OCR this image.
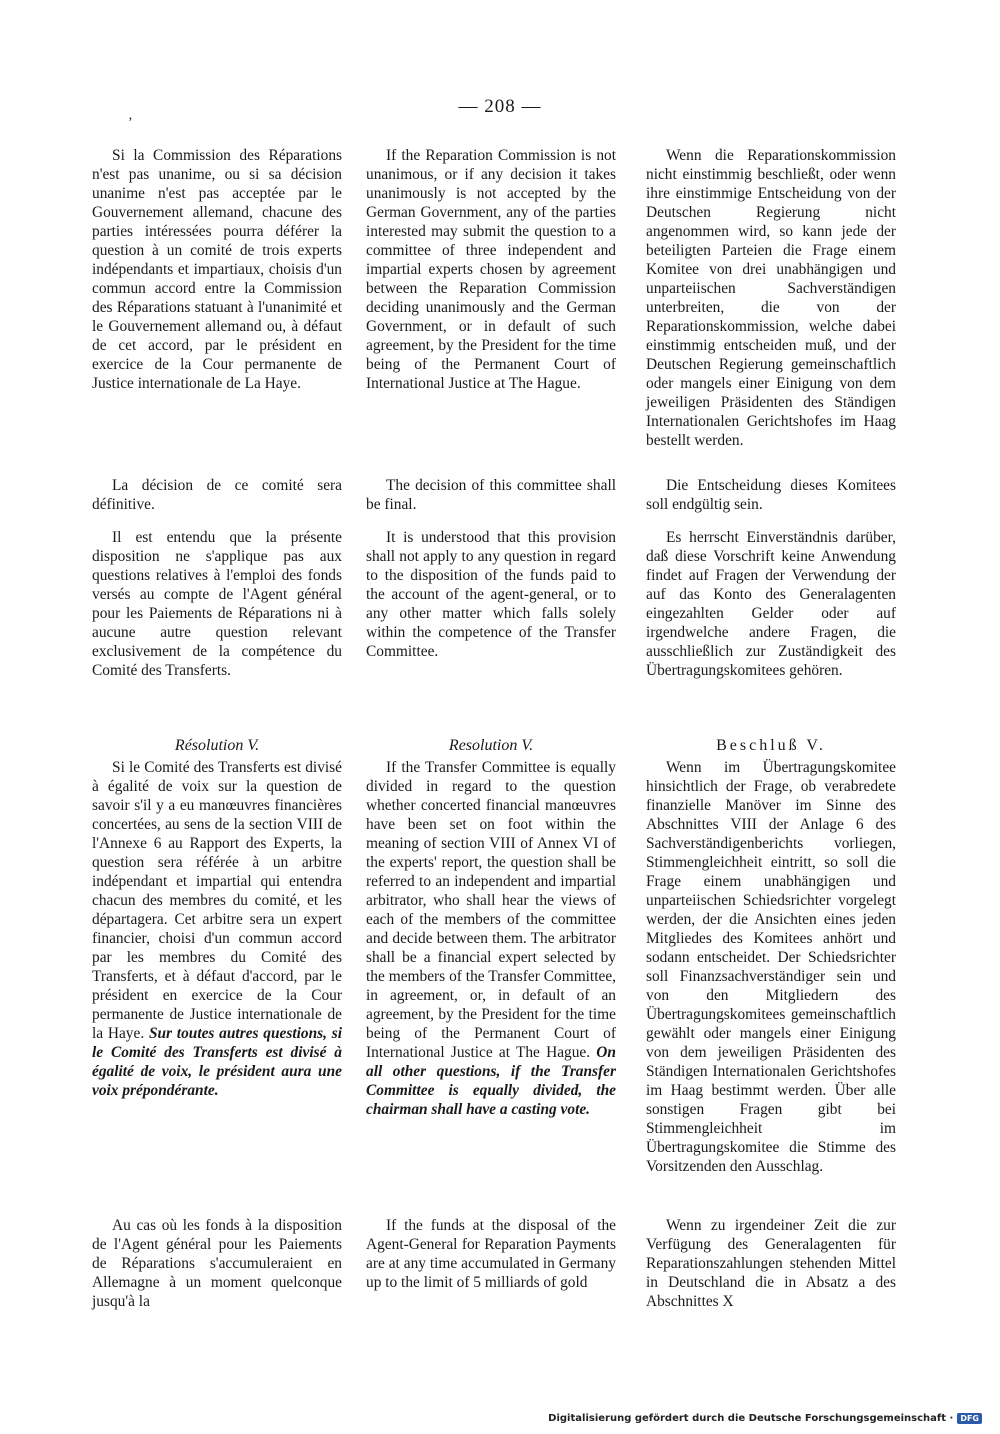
‚	— 208 —

Si la Commission des Réparations n'est pas unanime, ou si sa décision unanime n'est pas acceptée par le Gouvernement allemand, chacune des parties intéressées pourra déférer la question à un comité de trois experts indépendants et impartiaux, choisis d'un commun accord entre la Commission des Réparations statuant à l'unanimité et le Gouvernement allemand ou, à défaut de cet accord, par le président en exercice de la Cour permanente de Justice internationale de La Haye.

La décision de ce comité sera définitive.

Il est entendu que la présente disposition ne s'applique pas aux questions relatives à l'emploi des fonds versés au compte de l'Agent général pour les Paiements de Réparations ni à aucune autre question relevant exclusivement de la compétence du Comité des Transferts.

Résolution V.

Si le Comité des Transferts est divisé à égalité de voix sur la question de savoir s'il y a eu manœuvres financières concertées, au sens de la section VIII de l'Annexe 6 au Rapport des Experts, la question sera référée à un arbitre indépendant et impartial qui entendra chacun des membres du comité, et les départagera. Cet arbitre sera un expert financier, choisi d'un commun accord par les membres du Comité des Transferts, et à défaut d'accord, par le président en exercice de la Cour permanente de Justice internationale de la Haye. Sur toutes autres questions, si le Comité des Transferts est divisé à égalité de voix, le président aura une voix prépondérante.

Au cas où les fonds à la disposition de l'Agent général pour les Paiements de Réparations s'accumuleraient en Allemagne à un moment quelconque jusqu'à la

If the Reparation Commission is not unanimous, or if any decision it takes unanimously is not accepted by the German Government, any of the parties interested may submit the question to a committee of three independent and impartial experts chosen by agreement between the Reparation Commission deciding unanimously and the German Government, or in default of such agreement, by the President for the time being of the Permanent Court of International Justice at The Hague.

The decision of this committee shall be final.

It is understood that this provision shall not apply to any question in regard to the disposition of the funds paid to the account of the agent-general, or to any other matter which falls solely within the competence of the Transfer Committee.

Resolution V.

If the Transfer Committee is equally divided in regard to the question whether concerted financial manœuvres have been set on foot within the meaning of section VIII of Annex VI of the experts' report, the question shall be referred to an independent and impartial arbitrator, who shall hear the views of each of the members of the committee and decide between them. The arbitrator shall be a financial expert selected by the members of the Transfer Committee, in agreement, or, in default of an agreement, by the President for the time being of the Permanent Court of International Justice at The Hague. On all other questions, if the Transfer Committee is equally divided, the chairman shall have a casting vote.

If the funds at the disposal of the Agent-General for Reparation Payments are at any time accumulated in Germany up to the limit of 5 milliards of gold

Wenn die Reparationskommission nicht einstimmig beschließt, oder wenn ihre einstimmige Entscheidung von der Deutschen Regierung nicht angenommen wird, so kann jede der beteiligten Parteien die Frage einem Komitee von drei unabhängigen und unparteiischen Sachverständigen unterbreiten, die von der Reparationskommission, welche dabei einstimmig entscheiden muß, und der Deutschen Regierung gemeinschaftlich oder mangels einer Einigung von dem jeweiligen Präsidenten des Ständigen Internationalen Gerichtshofes im Haag bestellt werden.

Die Entscheidung dieses Komitees soll endgültig sein.

Es herrscht Einverständnis darüber, daß diese Vorschrift keine Anwendung findet auf Fragen der Verwendung der auf das Konto des Generalagenten eingezahlten Gelder oder auf irgendwelche andere Fragen, die ausschließlich zur Zuständigkeit des Übertragungskomitees gehören.

Beschluß V.

Wenn im Übertragungskomitee hinsichtlich der Frage, ob verabredete finanzielle Manöver im Sinne des Abschnittes VIII der Anlage 6 des Sachverständigenberichts vorliegen, Stimmengleichheit eintritt, so soll die Frage einem unabhängigen und unparteiischen Schiedsrichter vorgelegt werden, der die Ansichten eines jeden Mitgliedes des Komitees anhört und sodann entscheidet. Der Schiedsrichter soll Finanzsachverständiger sein und von den Mitgliedern des Übertragungskomitees gemeinschaftlich gewählt oder mangels einer Einigung von dem jeweiligen Präsidenten des Ständigen Internationalen Gerichtshofes im Haag bestimmt werden. Über alle sonstigen Fragen gibt bei Stimmengleichheit im Übertragungskomitee die Stimme des Vorsitzenden den Ausschlag.

Wenn zu irgendeiner Zeit die zur Verfügung des Generalagenten für Reparationszahlungen stehenden Mittel in Deutschland die in Absatz a des Abschnittes X

Digitalisierung gefördert durch die Deutsche Forschungsgemeinschaft · DFG
